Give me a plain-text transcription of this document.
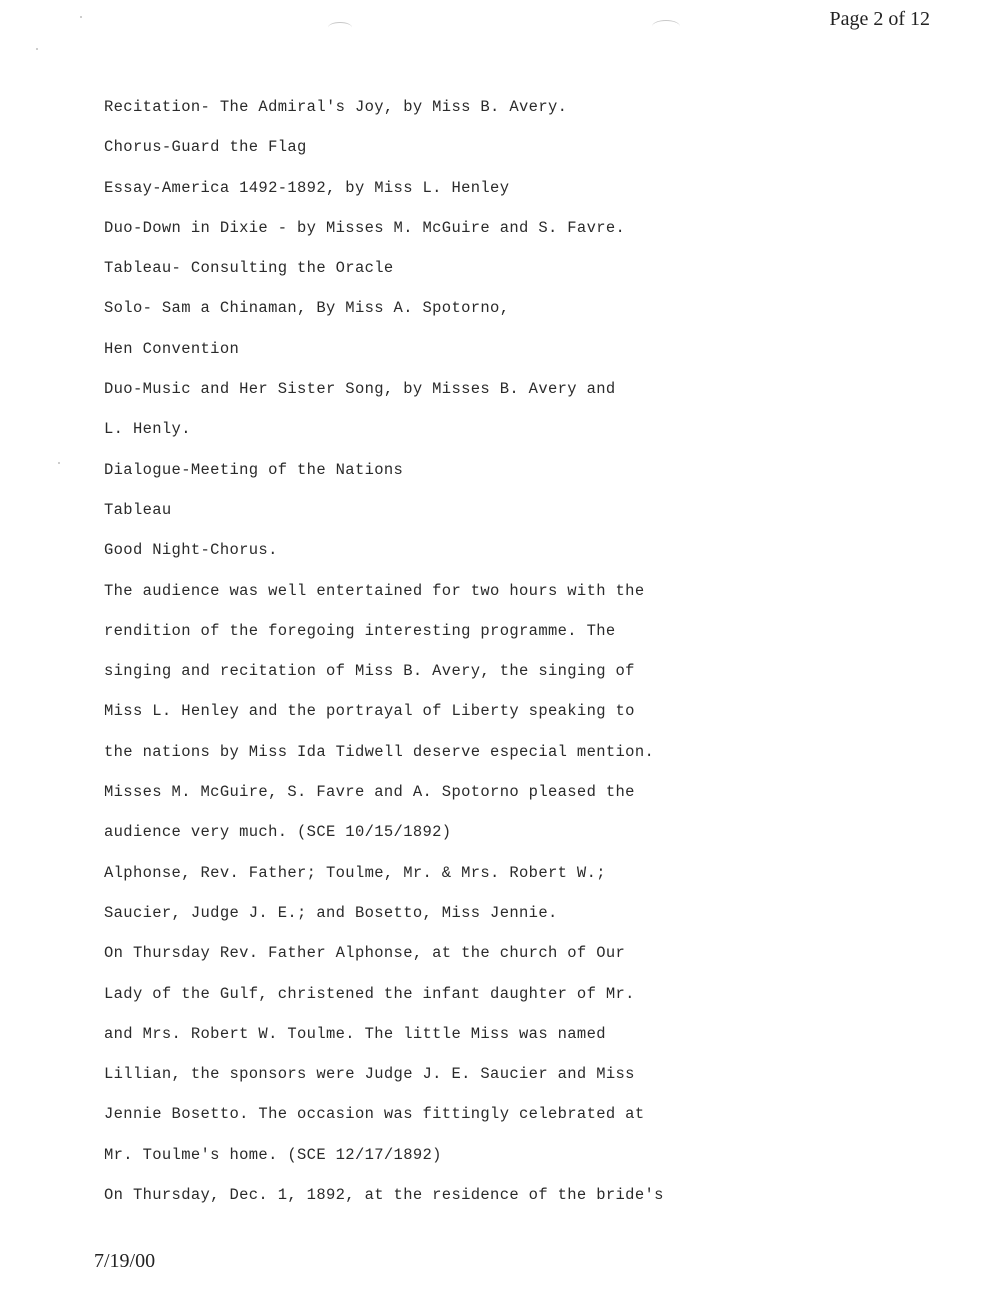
Page 2 of 12
Recitation- The Admiral's Joy, by Miss B. Avery.
Chorus-Guard the Flag
Essay-America 1492-1892, by Miss L. Henley
Duo-Down in Dixie - by Misses M. McGuire and S. Favre.
Tableau- Consulting the Oracle
Solo- Sam a Chinaman, By Miss A. Spotorno,
Hen Convention
Duo-Music and Her Sister Song, by Misses B. Avery and
L. Henly.
Dialogue-Meeting of the Nations
Tableau
Good Night-Chorus.
The audience was well entertained for two hours with the
rendition of the foregoing interesting programme. The
singing and recitation of Miss B. Avery, the singing of
Miss L. Henley and the portrayal of Liberty speaking to
the nations by Miss Ida Tidwell deserve especial mention.
Misses M. McGuire, S. Favre and A. Spotorno pleased the
audience very much. (SCE 10/15/1892)
Alphonse, Rev. Father; Toulme, Mr. & Mrs. Robert W.;
Saucier, Judge J. E.; and Bosetto, Miss Jennie.
On Thursday Rev. Father Alphonse, at the church of Our
Lady of the Gulf, christened the infant daughter of Mr.
and Mrs. Robert W. Toulme. The little Miss was named
Lillian, the sponsors were Judge J. E. Saucier and Miss
Jennie Bosetto. The occasion was fittingly celebrated at
Mr. Toulme's home. (SCE 12/17/1892)
On Thursday, Dec. 1, 1892, at the residence of the bride's
7/19/00
